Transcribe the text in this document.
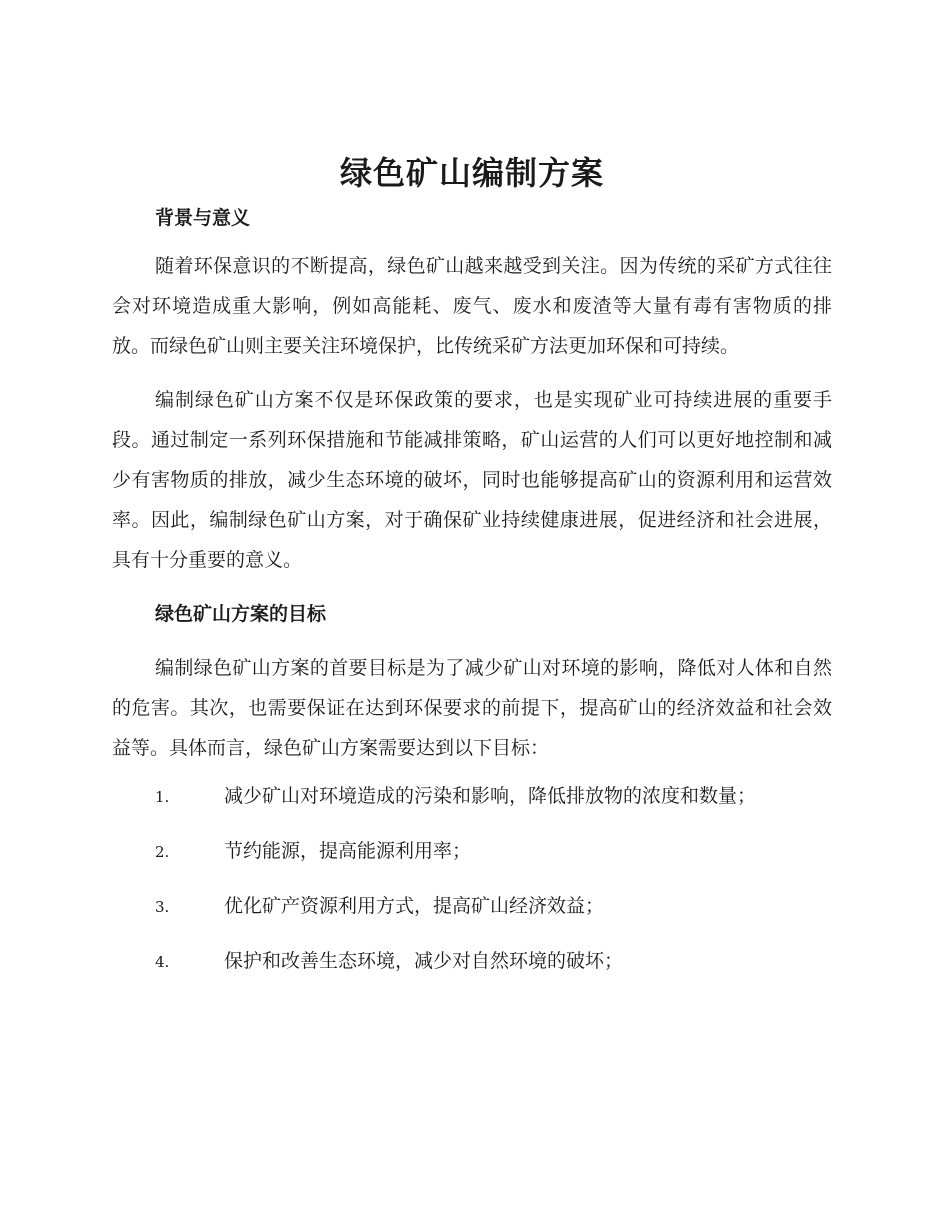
绿色矿山编制方案
背景与意义

随着环保意识的不断提高，绿色矿山越来越受到关注。因为传统的采矿方式往往会对环境造成重大影响，例如高能耗、废气、废水和废渣等大量有毒有害物质的排放。而绿色矿山则主要关注环境保护，比传统采矿方法更加环保和可持续。

编制绿色矿山方案不仅是环保政策的要求，也是实现矿业可持续进展的重要手段。通过制定一系列环保措施和节能减排策略，矿山运营的人们可以更好地控制和减少有害物质的排放，减少生态环境的破坏，同时也能够提高矿山的资源利用和运营效率。因此，编制绿色矿山方案，对于确保矿业持续健康进展，促进经济和社会进展，具有十分重要的意义。

绿色矿山方案的目标

编制绿色矿山方案的首要目标是为了减少矿山对环境的影响，降低对人体和自然的危害。其次，也需要保证在达到环保要求的前提下，提高矿山的经济效益和社会效益等。具体而言，绿色矿山方案需要达到以下目标：

1.	减少矿山对环境造成的污染和影响，降低排放物的浓度和数量；
2.	节约能源，提高能源利用率；
3.	优化矿产资源利用方式，提高矿山经济效益；
4.	保护和改善生态环境，减少对自然环境的破坏；
